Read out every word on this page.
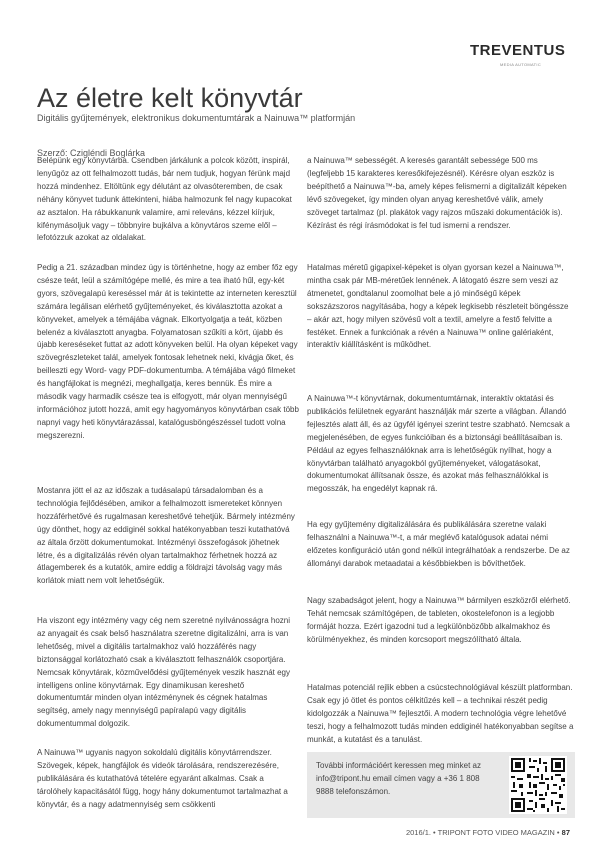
TREVENTUS
MEDIA AUTOMATIC
Az életre kelt könyvtár
Digitális gyűjtemények, elektronikus dokumentumtárak a Nainuwa™ platformján
Szerző: Czigléndi Boglárka

Belépünk egy könyvtárba. Csendben járkálunk a polcok között, inspirál, lenyűgöz az ott felhalmozott tudás, bár nem tudjuk, hogyan férünk majd hozzá mindenhez. Eltöltünk egy délutánt az olvasóteremben, de csak néhány könyvet tudunk áttekinteni, hiába halmozunk fel nagy kupacokat az asztalon. Ha rábukkanunk valamire, ami releváns, kézzel kiírjuk, kifénymásoljuk vagy – többnyire bujkálva a könyvtáros szeme elől – lefotózzuk azokat az oldalakat.

Pedig a 21. században mindez úgy is történhetne, hogy az ember főz egy csésze teát, leül a számítógépe mellé, és mire a tea iható hűl, egy-két gyors, szövegalapú kereséssel már át is tekintette az interneten keresztül számára legálisan elérhető gyűjteményeket, és kiválasztotta azokat a könyveket, amelyek a témájába vágnak. Elkortyolgatja a teát, közben belenéz a kiválasztott anyagba. Folyamatosan szűkíti a kört, újabb és újabb kereséseket futtat az adott könyveken belül. Ha olyan képeket vagy szövegrészleteket talál, amelyek fontosak lehetnek neki, kivágja őket, és beilleszti egy Word- vagy PDF-dokumentumba. A témájába vágó filmeket és hangfájlokat is megnézi, meghallgatja, keres bennük. És mire a második vagy harmadik csésze tea is elfogyott, már olyan mennyiségű információhoz jutott hozzá, amit egy hagyományos könyvtárban csak több napnyi vagy heti könyvtárazással, katalógusböngészéssel tudott volna megszerezni.

Mostanra jött el az az időszak a tudásalapú társadalomban és a technológia fejlődésében, amikor a felhalmozott ismereteket könnyen hozzáférhetővé és rugalmasan kereshetővé tehetjük. Bármely intézmény úgy dönthet, hogy az eddiginél sokkal hatékonyabban teszi kutathatóvá az általa őrzött dokumentumokat. Intézményi összefogások jöhetnek létre, és a digitalizálás révén olyan tartalmakhoz férhetnek hozzá az átlagemberek és a kutatók, amire eddig a földrajzi távolság vagy más korlátok miatt nem volt lehetőségük.

Ha viszont egy intézmény vagy cég nem szeretné nyilvánosságra hozni az anyagait és csak belső használatra szeretne digitalizálni, arra is van lehetőség, mivel a digitális tartalmakhoz való hozzáférés nagy biztonsággal korlátozható csak a kiválasztott felhasználók csoportjára. Nemcsak könyvtárak, közművelődési gyűjtemények veszik hasznát egy intelligens online könyvtárnak. Egy dinamikusan kereshető dokumentumtár minden olyan intézménynek és cégnek hatalmas segítség, amely nagy mennyiségű papíralapú vagy digitális dokumentummal dolgozik.

A Nainuwa™ ugyanis nagyon sokoldalú digitális könyvtárrendszer. Szövegek, képek, hangfájlok és videók tárolására, rendszerezésére, publikálására és kutathatóvá tételére egyaránt alkalmas. Csak a tárolóhely kapacitásától függ, hogy hány dokumentumot tartalmazhat a könyvtár, és a nagy adatmennyiség sem csökkenti

a Nainuwa™ sebességét. A keresés garantált sebessége 500 ms (legfeljebb 15 karakteres keresőkifejezésnél). Kérésre olyan eszköz is beépíthető a Nainuwa™-ba, amely képes felismerni a digitalizált képeken lévő szövegeket, így minden olyan anyag kereshetővé válik, amely szöveget tartalmaz (pl. plakátok vagy rajzos műszaki dokumentációk is). Kézírást és régi írásmódokat is fel tud ismerni a rendszer.

Hatalmas méretű gigapixel-képeket is olyan gyorsan kezel a Nainuwa™, mintha csak pár MB-méretűek lennének. A látogató észre sem veszi az átmenetet, gondtalanul zoomolhat bele a jó minőségű képek sokszázszoros nagyításába, hogy a képek legkisebb részleteit böngéssze – akár azt, hogy milyen szövésű volt a textil, amelyre a festő felvitte a festéket. Ennek a funkciónak a révén a Nainuwa™ online galériaként, interaktív kiállításként is működhet.

A Nainuwa™-t könyvtárnak, dokumentumtárnak, interaktív oktatási és publikációs felületnek egyaránt használják már szerte a világban. Állandó fejlesztés alatt áll, és az ügyfél igényei szerint testre szabható. Nemcsak a megjelenésében, de egyes funkcióiban és a biztonsági beállításaiban is. Például az egyes felhasználóknak arra is lehetőségük nyílhat, hogy a könyvtárban található anyagokból gyűjteményeket, válogatásokat, dokumentumokat állítsanak össze, és azokat más felhasználókkal is megosszák, ha engedélyt kapnak rá.

Ha egy gyűjtemény digitalizálására és publikálására szeretne valaki felhasználni a Nainuwa™-t, a már meglévő katalógusok adatai némi előzetes konfiguráció után gond nélkül integrálhatóak a rendszerbe. De az állományi darabok metaadatai a későbbiekben is bővíthetőek.

Nagy szabadságot jelent, hogy a Nainuwa™ bármilyen eszközről elérhető. Tehát nemcsak számítógépen, de tableten, okostelefonon is a legjobb formáját hozza. Ezért igazodni tud a legkülönbözőbb alkalmakhoz és körülményekhez, és minden korcsoport megszólítható általa.

Hatalmas potenciál rejlik ebben a csúcstechnológiával készült platformban. Csak egy jó ötlet és pontos célkitűzés kell – a technikai részét pedig kidolgozzák a Nainuwa™ fejlesztői. A modern technológia végre lehetővé teszi, hogy a felhalmozott tudás minden eddiginél hatékonyabban segítse a munkát, a kutatást és a tanulást.

További információért keressen meg minket az info@tripont.hu email címen vagy a +36 1 808 9888 telefonszámon.

2016/1. • TRIPONT FOTO VIDEO MAGAZIN • 87
